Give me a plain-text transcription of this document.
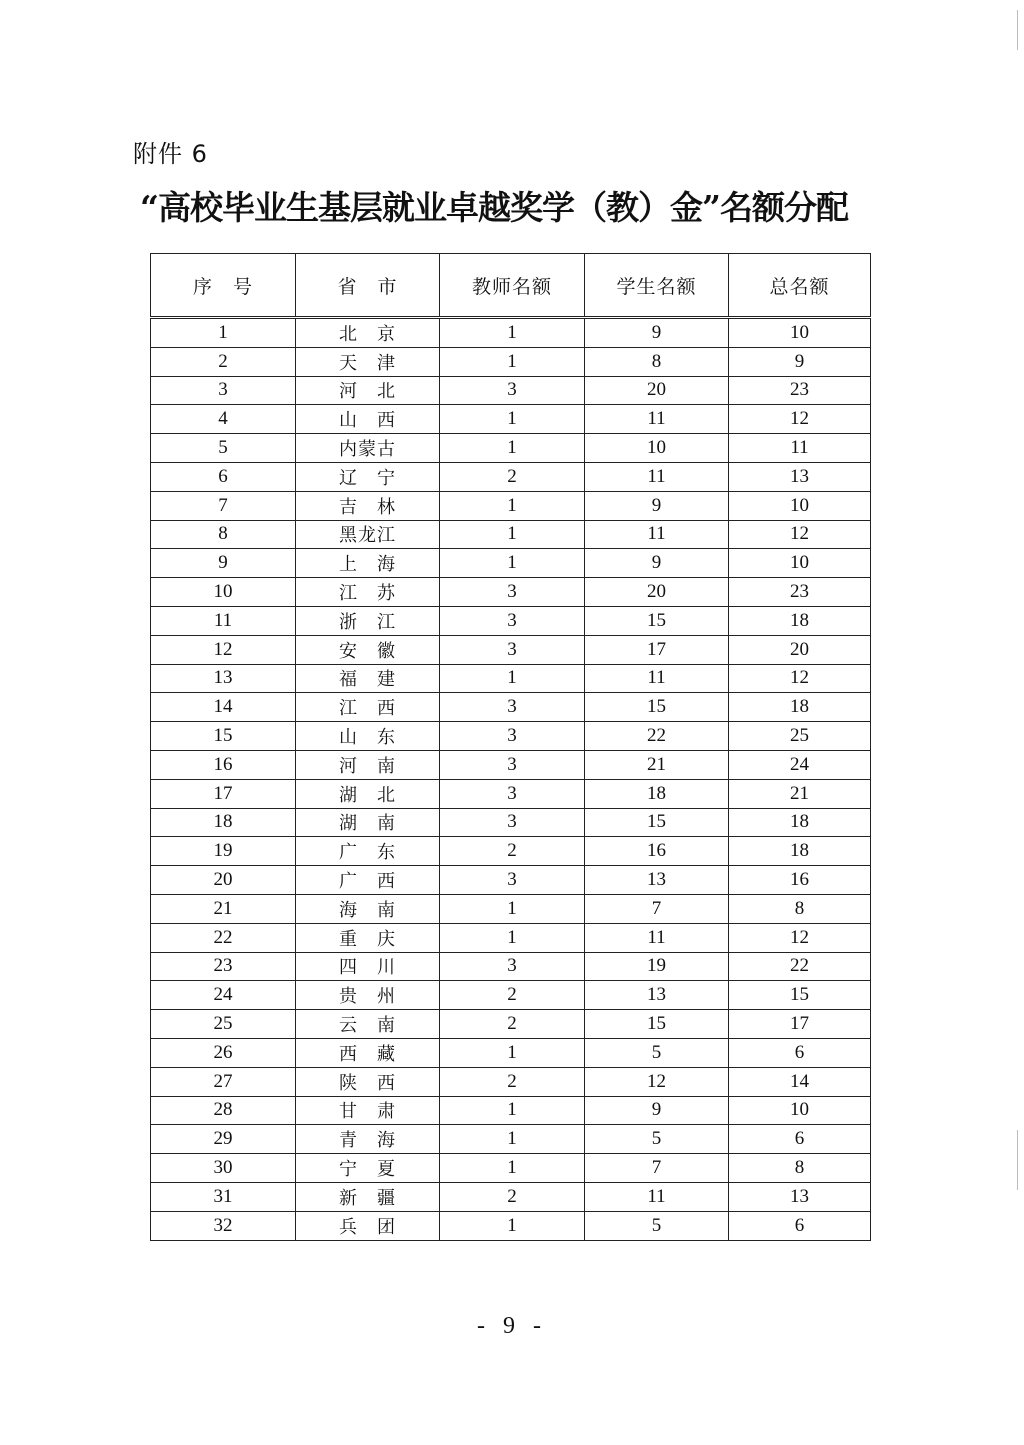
附件 6
“高校毕业生基层就业卓越奖学（教）金”名额分配
序　号	省　市	教师名额	学生名额	总名额
1	北　京	1	9	10
2	天　津	1	8	9
3	河　北	3	20	23
4	山　西	1	11	12
5	内蒙古	1	10	11
6	辽　宁	2	11	13
7	吉　林	1	9	10
8	黑龙江	1	11	12
9	上　海	1	9	10
10	江　苏	3	20	23
11	浙　江	3	15	18
12	安　徽	3	17	20
13	福　建	1	11	12
14	江　西	3	15	18
15	山　东	3	22	25
16	河　南	3	21	24
17	湖　北	3	18	21
18	湖　南	3	15	18
19	广　东	2	16	18
20	广　西	3	13	16
21	海　南	1	7	8
22	重　庆	1	11	12
23	四　川	3	19	22
24	贵　州	2	13	15
25	云　南	2	15	17
26	西　藏	1	5	6
27	陕　西	2	12	14
28	甘　肃	1	9	10
29	青　海	1	5	6
30	宁　夏	1	7	8
31	新　疆	2	11	13
32	兵　团	1	5	6
- 9 -
